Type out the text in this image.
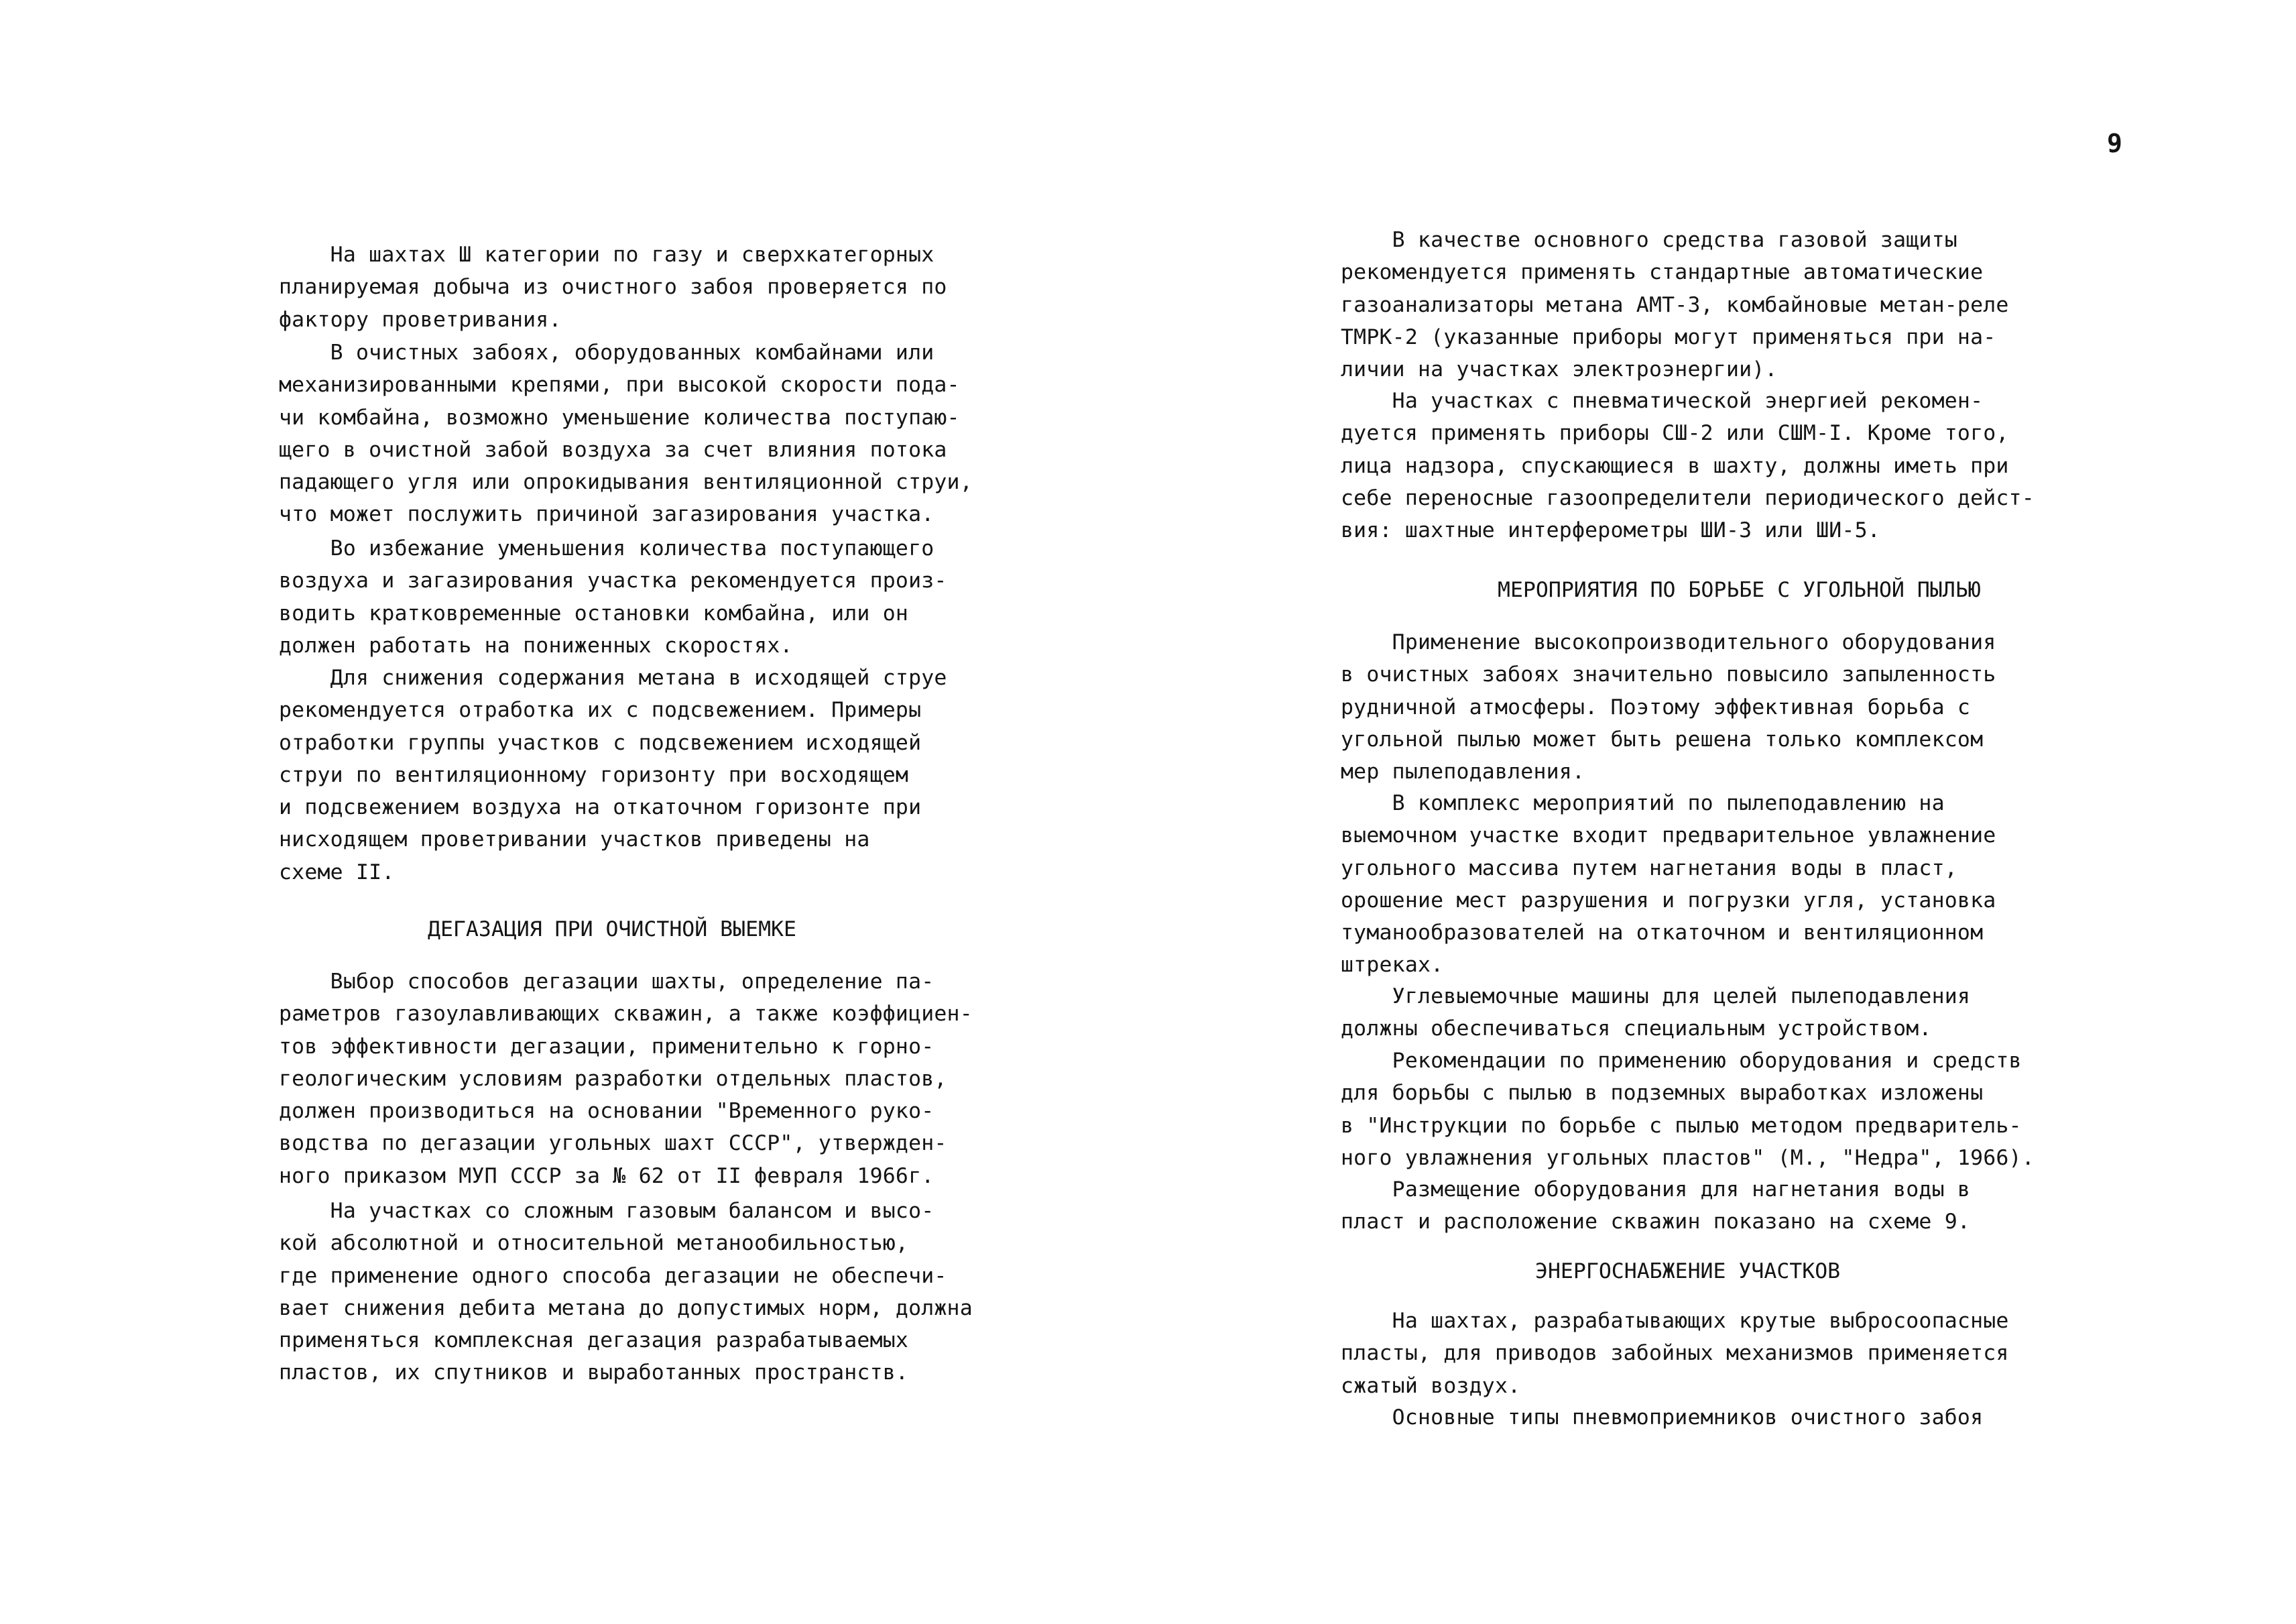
9

На шахтах Ш категории по газу и сверхкатегорных
планируемая добыча из очистного забоя проверяется по
фактору проветривания.

В очистных забоях, оборудованных комбайнами или
механизированными крепями, при высокой скорости пода-
чи комбайна, возможно уменьшение количества поступаю-
щего в очистной забой воздуха за счет влияния потока
падающего угля или опрокидывания вентиляционной струи,
что может послужить причиной загазирования участка.

Во избежание уменьшения количества поступающего
воздуха и загазирования участка рекомендуется произ-
водить кратковременные остановки комбайна, или он
должен работать на пониженных скоростях.

Для снижения содержания метана в исходящей струе
рекомендуется отработка их с подсвежением. Примеры
отработки группы участков с подсвежением исходящей
струи по вентиляционному горизонту при восходящем
и подсвежением воздуха на откаточном горизонте при
нисходящем проветривании участков приведены на
схеме II.

ДЕГАЗАЦИЯ ПРИ ОЧИСТНОЙ ВЫЕМКЕ

Выбор способов дегазации шахты, определение па-
раметров газоулавливающих скважин, а также коэффициен-
тов эффективности дегазации, применительно к горно-
геологическим условиям разработки отдельных пластов,
должен производиться на основании "Временного руко-
водства по дегазации угольных шахт СССР", утвержден-
ного приказом МУП СССР за № 62 от II февраля 1966г.

На участках со сложным газовым балансом и высо-
кой абсолютной и относительной метанообильностью,
где применение одного способа дегазации не обеспечи-
вает снижения дебита метана до допустимых норм, должна
применяться комплексная дегазация разрабатываемых
пластов, их спутников и выработанных пространств.

В качестве основного средства газовой защиты
рекомендуется применять стандартные автоматические
газоанализаторы метана АМТ-3, комбайновые метан-реле
ТМРК-2 (указанные приборы могут применяться при на-
личии на участках электроэнергии).

На участках с пневматической энергией рекомен-
дуется применять приборы СШ-2 или СШМ-I. Кроме того,
лица надзора, спускающиеся в шахту, должны иметь при
себе переносные газоопределители периодического дейст-
вия: шахтные интерферометры ШИ-3 или ШИ-5.

МЕРОПРИЯТИЯ ПО БОРЬБЕ С УГОЛЬНОЙ ПЫЛЬЮ

Применение высокопроизводительного оборудования
в очистных забоях значительно повысило запыленность
рудничной атмосферы. Поэтому эффективная борьба с
угольной пылью может быть решена только комплексом
мер пылеподавления.

В комплекс мероприятий по пылеподавлению на
выемочном участке входит предварительное увлажнение
угольного массива путем нагнетания воды в пласт,
орошение мест разрушения и погрузки угля, установка
туманообразователей на откаточном и вентиляционном
штреках.

Углевыемочные машины для целей пылеподавления
должны обеспечиваться специальным устройством.

Рекомендации по применению оборудования и средств
для борьбы с пылью в подземных выработках изложены
в "Инструкции по борьбе с пылью методом предваритель-
ного увлажнения угольных пластов" (М., "Недра", 1966).

Размещение оборудования для нагнетания воды в
пласт и расположение скважин показано на схеме 9.

ЭНЕРГОСНАБЖЕНИЕ УЧАСТКОВ

На шахтах, разрабатывающих крутые выбросоопасные
пласты, для приводов забойных механизмов применяется
сжатый воздух.

Основные типы пневмоприемников очистного забоя
